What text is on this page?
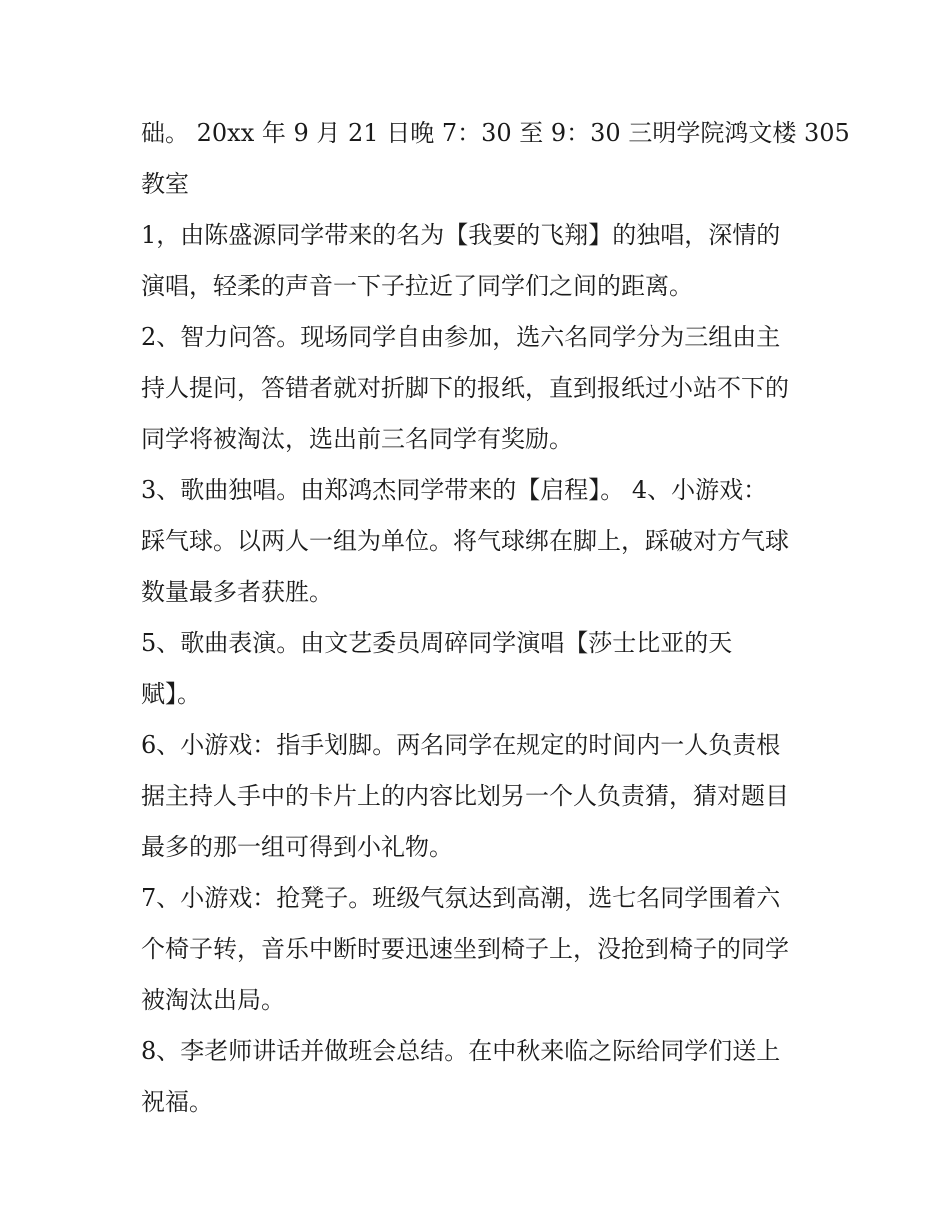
础。 20xx 年 9 月 21 日晚 7：30 至 9：30 三明学院鸿文楼 305
教室

1，由陈盛源同学带来的名为【我要的飞翔】的独唱，深情的
演唱，轻柔的声音一下子拉近了同学们之间的距离。

2、智力问答。现场同学自由参加，选六名同学分为三组由主
持人提问，答错者就对折脚下的报纸，直到报纸过小站不下的
同学将被淘汰，选出前三名同学有奖励。

3、歌曲独唱。由郑鸿杰同学带来的【启程】。 4、小游戏：
踩气球。以两人一组为单位。将气球绑在脚上，踩破对方气球
数量最多者获胜。

5、歌曲表演。由文艺委员周碎同学演唱【莎士比亚的天
赋】。

6、小游戏：指手划脚。两名同学在规定的时间内一人负责根
据主持人手中的卡片上的内容比划另一个人负责猜，猜对题目
最多的那一组可得到小礼物。

7、小游戏：抢凳子。班级气氛达到高潮，选七名同学围着六
个椅子转，音乐中断时要迅速坐到椅子上，没抢到椅子的同学
被淘汰出局。

8、李老师讲话并做班会总结。在中秋来临之际给同学们送上
祝福。
